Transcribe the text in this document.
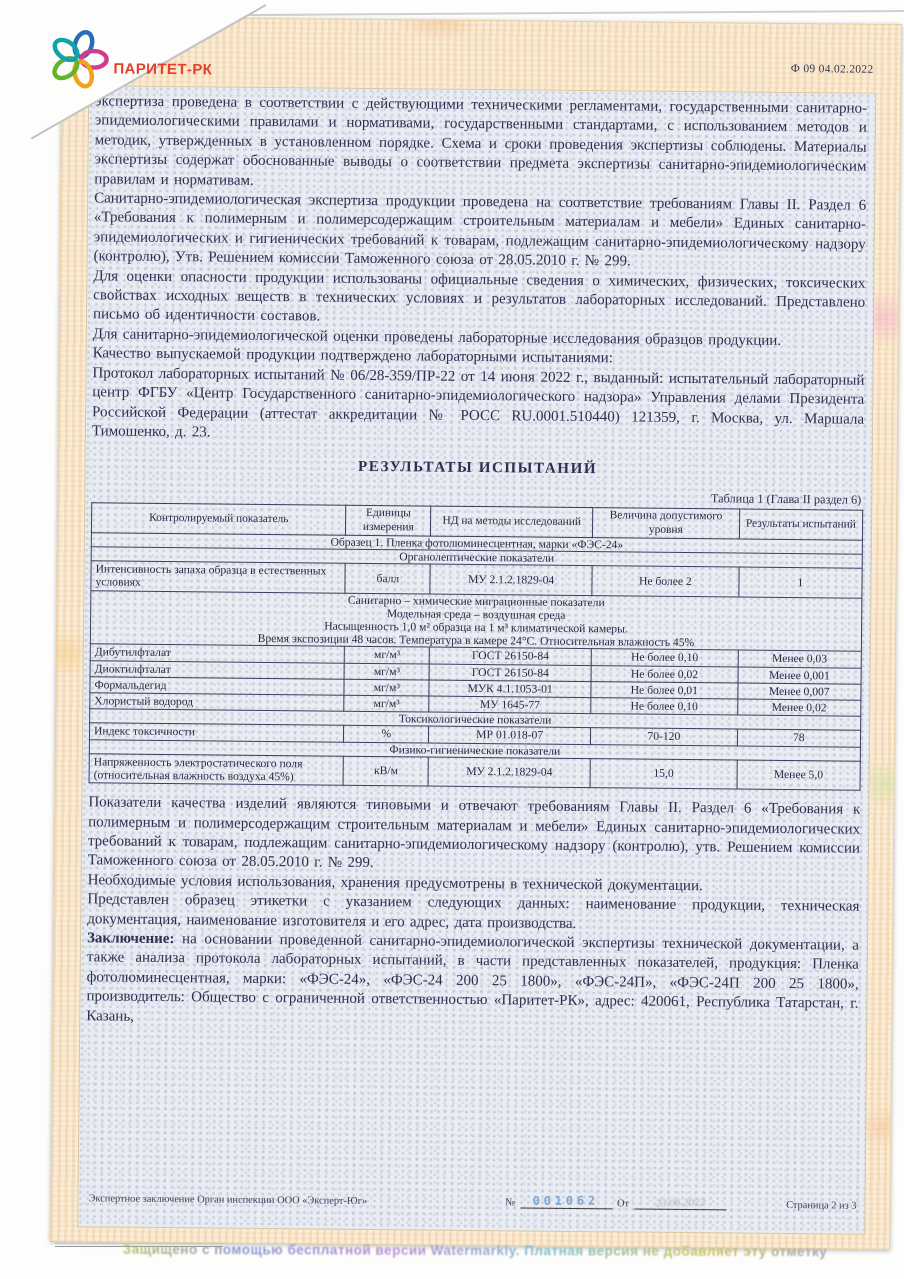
Ф 09 04.02.2022

экспертиза проведена в соответствии с действующими техническими регламентами, государственными санитарно-эпидемиологическими правилами и нормативами, государственными стандартами, с использованием методов и методик, утвержденных в установленном порядке. Схема и сроки проведения экспертизы соблюдены. Материалы экспертизы содержат обоснованные выводы о соответствии предмета экспертизы санитарно-эпидемиологическим правилам и нормативам.

Санитарно-эпидемиологическая экспертиза продукции проведена на соответствие требованиям Главы II. Раздел 6 «Требования к полимерным и полимерсодержащим строительным материалам и мебели» Единых санитарно-эпидемиологических и гигиенических требований к товарам, подлежащим санитарно-эпидемиологическому надзору (контролю), Утв. Решением комиссии Таможенного союза от 28.05.2010 г. № 299.

Для оценки опасности продукции использованы официальные сведения о химических, физических, токсических свойствах исходных веществ в технических условиях и результатов лабораторных исследований. Представлено письмо об идентичности составов.

Для санитарно-эпидемиологической оценки проведены лабораторные исследования образцов продукции.

Качество выпускаемой продукции подтверждено лабораторными испытаниями:

Протокол лабораторных испытаний № 06/28-359/ПР-22 от 14 июня 2022 г., выданный: испытательный лабораторный центр ФГБУ «Центр Государственного санитарно-эпидемиологического надзора» Управления делами Президента Российской Федерации (аттестат аккредитации № РОСС RU.0001.510440) 121359, г. Москва, ул. Маршала Тимошенко, д. 23.

РЕЗУЛЬТАТЫ ИСПЫТАНИЙ
Таблица 1 (Глава II раздел 6)
Контролируемый показатель	Единицы измерения	НД на методы исследований	Величина допустимого уровня	Результаты испытаний
Образец 1. Пленка фотолюминесцентная, марки «ФЭС-24»				
Органолептические показатели				
Интенсивность запаха образца в естественных условиях	балл	МУ 2.1.2.1829-04	Не более 2	1

Санитарно – химические миграционные показатели
Модельная среда – воздушная среда
Насыщенность 1,0 м² образца на 1 м³ климатической камеры.
Время экспозиции 48 часов. Температура в камере 24°С. Относительная влажность 45%				

Дибутилфталат	мг/м³	ГОСТ 26150-84	Не более 0,10	Менее 0,03
Диоктилфталат	мг/м³	ГОСТ 26150-84	Не более 0,02	Менее 0,001
Формальдегид	мг/м³	МУК 4.1.1053-01	Не более 0,01	Менее 0,007
Хлористый водород	мг/м³	МУ 1645-77	Не более 0,10	Менее 0,02
Токсикологические показатели				
Индекс токсичности	%	МР 01.018-07	70-120	78
Физико-гигиенические показатели				
Напряженность электростатического поля (относительная влажность воздуха 45%)	кВ/м	МУ 2.1.2.1829-04	15,0	Менее 5,0

Показатели качества изделий являются типовыми и отвечают требованиям Главы II. Раздел 6 «Требования к полимерным и полимерсодержащим строительным материалам и мебели» Единых санитарно-эпидемиологических требований к товарам, подлежащим санитарно-эпидемиологическому надзору (контролю), утв. Решением комиссии Таможенного союза от 28.05.2010 г. № 299.

Необходимые условия использования, хранения предусмотрены в технической документации.

Представлен образец этикетки с указанием следующих данных: наименование продукции, техническая документация, наименование изготовителя и его адрес, дата производства.

Заключение: на основании проведенной санитарно-эпидемиологической экспертизы технической документации, а также анализа протокола лабораторных испытаний, в части представленных показателей, продукция: Пленка фотолюминесцентная, марки: «ФЭС-24», «ФЭС-24 200 25 1800», «ФЭС-24П», «ФЭС-24П 200 25 1800», производитель: Общество с ограниченной ответственностью «Паритет-РК», адрес: 420061, Республика Татарстан, г. Казань,

Экспертное заключение Орган инспекции ООО «Эксперт-Юг»	№	001062	От	23.06.2022	Страница 2 из 3
ПАРИТЕТ-РК
Защищено с помощью бесплатной версии Watermarkly. Платная версия не добавляет эту отметку
